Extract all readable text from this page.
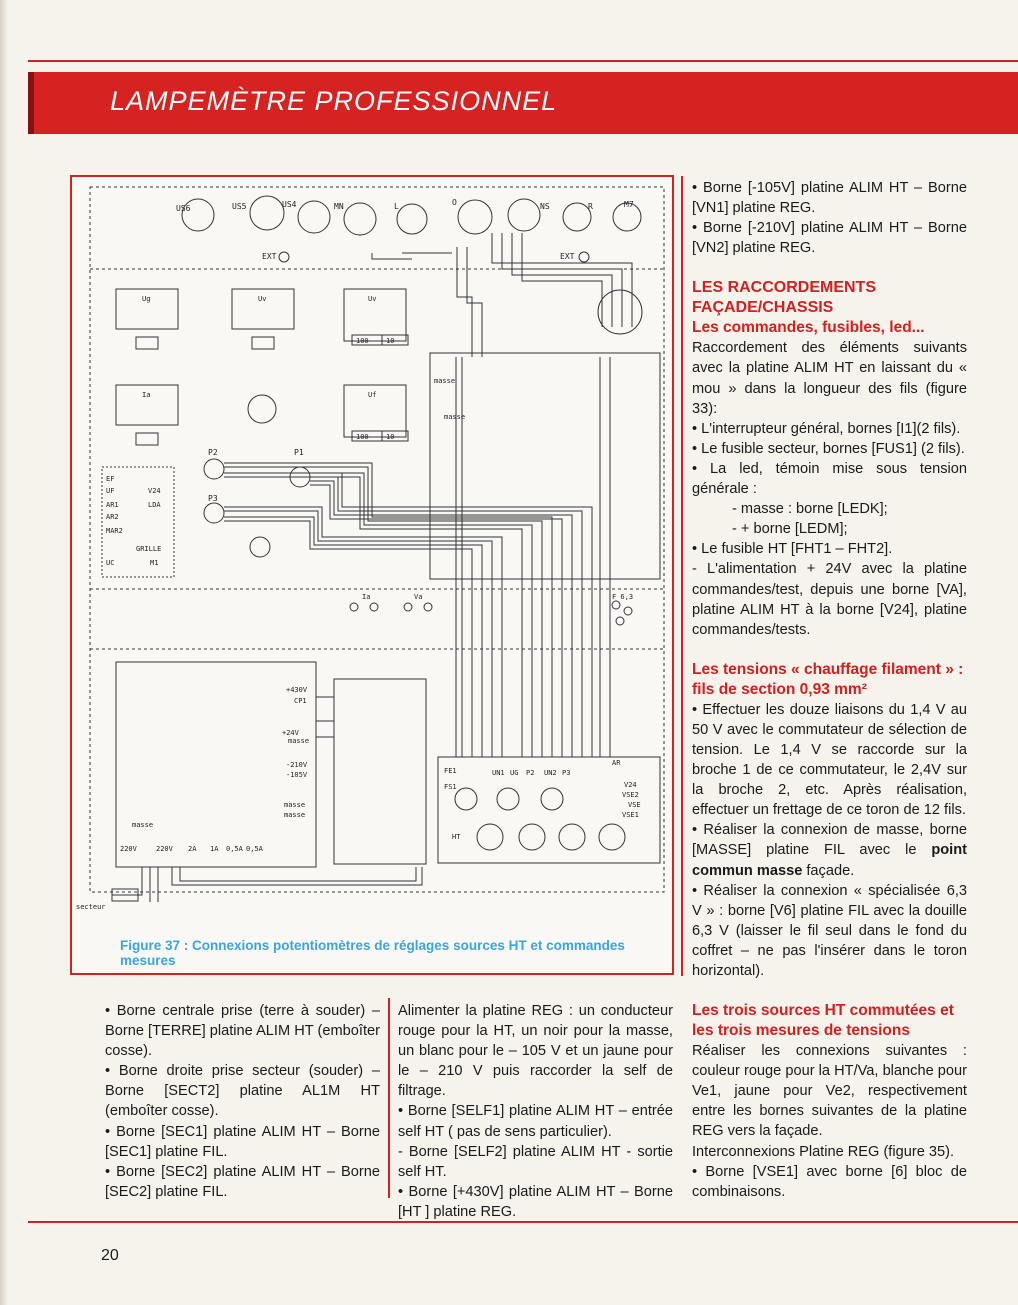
LAMPEMÈTRE PROFESSIONNEL
US6	US5	US4	MN	L	O	NS	R	M7
EXT	EXT
Ug	Uv	Uv
100 10
Ia	Uf
100 10
P2	P1
P3
EF
UF
AR1
AR2
MAR2
UC
V24
LDA
GRILLE
M1
Ia	Va	F 6,3
+430V
CP1
+24V
masse
-210V
-105V
masse
masse
masse
220V	220V 2A 1A 0,5A 0,5A
secteur
FE1
FS1
UN1 UG P2 UN2 P3
AR
HT
V24
VSE2
VSE
VSE1
masse
masse
Figure 37 : Connexions potentiomètres de réglages sources HT et commandes mesures

• Borne [-105V] platine ALIM HT – Borne [VN1] platine REG.

• Borne [-210V] platine ALIM HT – Borne [VN2] platine REG.

LES RACCORDEMENTS

FAÇADE/CHASSIS

Les commandes, fusibles, led...

Raccordement des éléments suivants avec la platine ALIM HT en laissant du « mou » dans la longueur des fils (figure 33):

• L'interrupteur général, bornes [I1](2 fils).

• Le fusible secteur, bornes [FUS1] (2 fils).

• La led, témoin mise sous tension générale :

- masse : borne [LEDK];

- + borne [LEDM];

• Le fusible HT [FHT1 – FHT2].

- L'alimentation + 24V avec la platine commandes/test, depuis une borne [VA], platine ALIM HT à la borne [V24], platine commandes/tests.

Les tensions « chauffage filament » : fils de section 0,93 mm²

• Effectuer les douze liaisons du 1,4 V au 50 V avec le commutateur de sélection de tension. Le 1,4 V se raccorde sur la broche 1 de ce commutateur, le 2,4V sur la broche 2, etc. Après réalisation, effectuer un frettage de ce toron de 12 fils.

• Réaliser la connexion de masse, borne [MASSE] platine FIL avec le point commun masse façade.

• Réaliser la connexion « spécialisée 6,3 V » : borne [V6] platine FIL avec la douille 6,3 V (laisser le fil seul dans le fond du coffret – ne pas l'insérer dans le toron horizontal).

Les trois sources HT commutées et les trois mesures de tensions

Réaliser les connexions suivantes : couleur rouge pour la HT/Va, blanche pour Ve1, jaune pour Ve2, respectivement entre les bornes suivantes de la platine REG vers la façade.

Interconnexions Platine REG (figure 35).

• Borne [VSE1] avec borne [6] bloc de combinaisons.

• Borne centrale prise (terre à souder) – Borne [TERRE] platine ALIM HT (emboîter cosse).

• Borne droite prise secteur (souder) – Borne [SECT2] platine AL1M HT (emboîter cosse).

• Borne [SEC1] platine ALIM HT – Borne [SEC1] platine FIL.

• Borne [SEC2] platine ALIM HT – Borne [SEC2] platine FIL.

Alimenter la platine REG : un conducteur rouge pour la HT, un noir pour la masse, un blanc pour le – 105 V et un jaune pour le – 210 V puis raccorder la self de filtrage.

• Borne [SELF1] platine ALIM HT – entrée self HT ( pas de sens particulier).

- Borne [SELF2] platine ALIM HT - sortie self HT.

• Borne [+430V] platine ALIM HT – Borne [HT ] platine REG.

20
